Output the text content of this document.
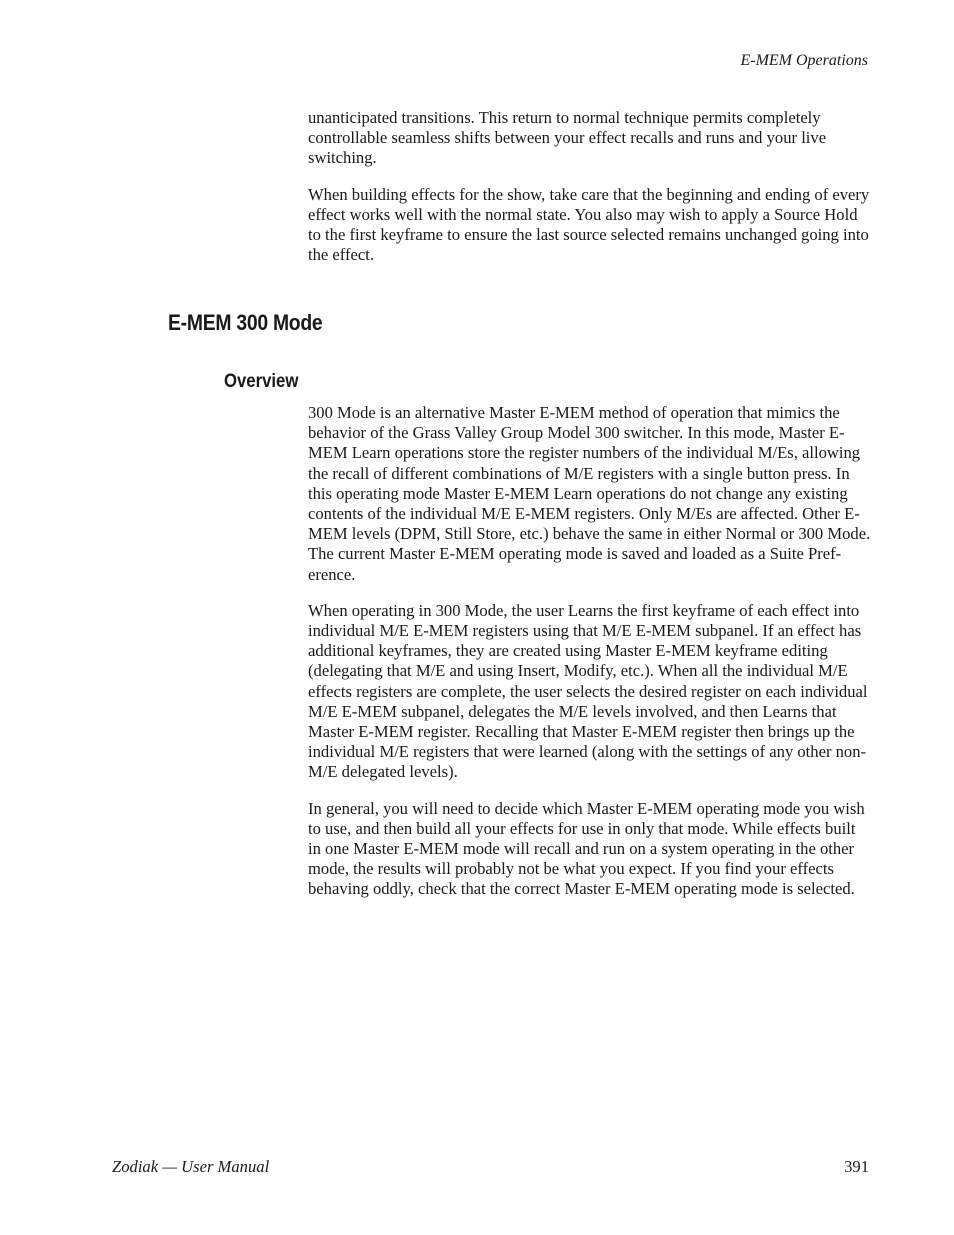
E-MEM Operations

unanticipated transitions. This return to normal technique permits completely controllable seamless shifts between your effect recalls and runs and your live switching.

When building effects for the show, take care that the beginning and ending of every effect works well with the normal state. You also may wish to apply a Source Hold to the first keyframe to ensure the last source selected remains unchanged going into the effect.

E-MEM 300 Mode
Overview

300 Mode is an alternative Master E-MEM method of operation that mimics the behavior of the Grass Valley Group Model 300 switcher. In this mode, Master E-MEM Learn operations store the register numbers of the individual M/Es, allowing the recall of different combinations of M/E registers with a single button press. In this operating mode Master E-MEM Learn operations do not change any existing contents of the individual M/E E-MEM registers. Only M/Es are affected. Other E-MEM levels (DPM, Still Store, etc.) behave the same in either Normal or 300 Mode. The current Master E-MEM operating mode is saved and loaded as a Suite Preference.

When operating in 300 Mode, the user Learns the first keyframe of each effect into individual M/E E-MEM registers using that M/E E-MEM subpanel. If an effect has additional keyframes, they are created using Master E-MEM keyframe editing (delegating that M/E and using Insert, Modify, etc.). When all the individual M/E effects registers are complete, the user selects the desired register on each individual M/E E-MEM subpanel, delegates the M/E levels involved, and then Learns that Master E-MEM register. Recalling that Master E-MEM register then brings up the individual M/E registers that were learned (along with the settings of any other non-M/E delegated levels).

In general, you will need to decide which Master E-MEM operating mode you wish to use, and then build all your effects for use in only that mode. While effects built in one Master E-MEM mode will recall and run on a system operating in the other mode, the results will probably not be what you expect. If you find your effects behaving oddly, check that the correct Master E-MEM operating mode is selected.

Zodiak — User Manual	391
